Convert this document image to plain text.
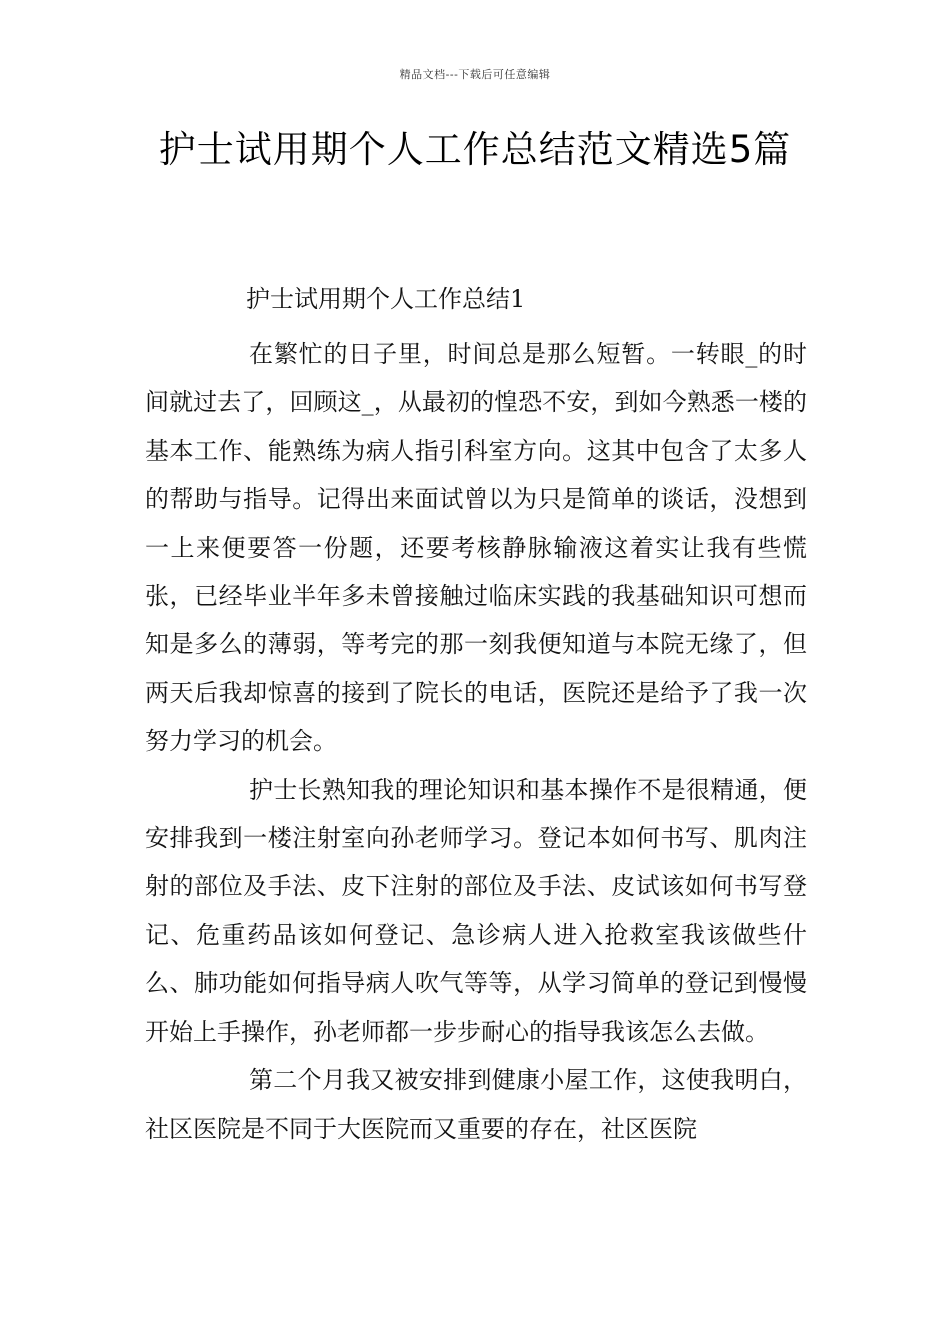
精品文档---下载后可任意编辑
护士试用期个人工作总结范文精选5篇
护士试用期个人工作总结1

在繁忙的日子里，时间总是那么短暂。一转眼_的时间就过去了，回顾这_，从最初的惶恐不安，到如今熟悉一楼的基本工作、能熟练为病人指引科室方向。这其中包含了太多人的帮助与指导。记得出来面试曾以为只是简单的谈话，没想到一上来便要答一份题，还要考核静脉输液这着实让我有些慌张，已经毕业半年多未曾接触过临床实践的我基础知识可想而知是多么的薄弱，等考完的那一刻我便知道与本院无缘了，但两天后我却惊喜的接到了院长的电话，医院还是给予了我一次努力学习的机会。

护士长熟知我的理论知识和基本操作不是很精通，便安排我到一楼注射室向孙老师学习。登记本如何书写、肌肉注射的部位及手法、皮下注射的部位及手法、皮试该如何书写登记、危重药品该如何登记、急诊病人进入抢救室我该做些什么、肺功能如何指导病人吹气等等，从学习简单的登记到慢慢开始上手操作，孙老师都一步步耐心的指导我该怎么去做。

第二个月我又被安排到健康小屋工作，这使我明白，社区医院是不同于大医院而又重要的存在，社区医院
